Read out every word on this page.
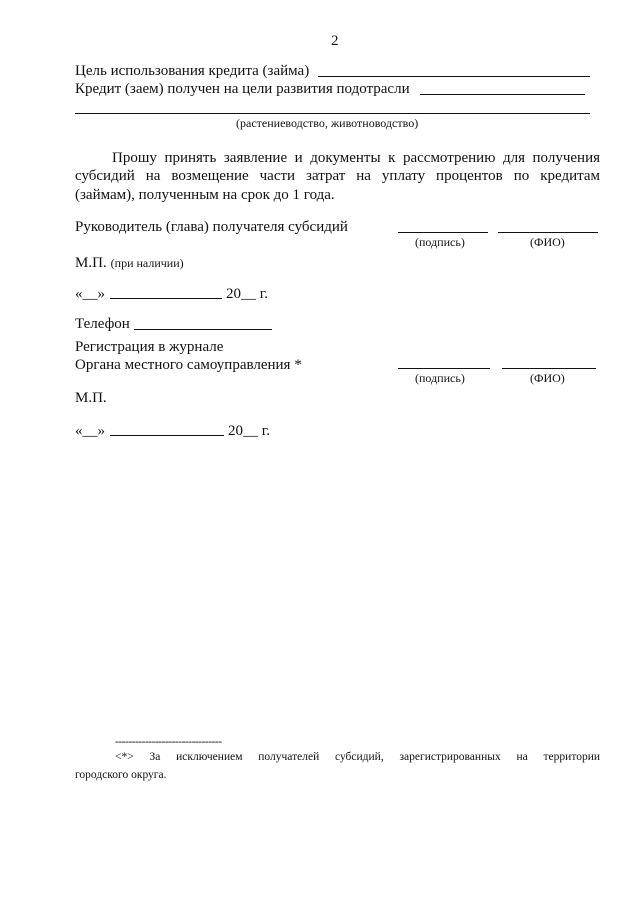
2
Цель использования кредита (займа)
Кредит (заем) получен на цели развития подотрасли
(растениеводство, животноводство)
Прошу принять заявление и документы к рассмотрению для получения
субсидий на возмещение части затрат на уплату процентов по кредитам
(займам), полученным на срок до 1 года.
Руководитель (глава) получателя субсидий
(подпись)	(ФИО)
М.П. (при наличии)
«__»	20__ г.
Телефон
Регистрация в журнале
Органа местного самоуправления *
(подпись)	(ФИО)
М.П.
«__»	20__ г.
--------------------------------
<*> За исключением получателей субсидий, зарегистрированных на территории
городского округа.
